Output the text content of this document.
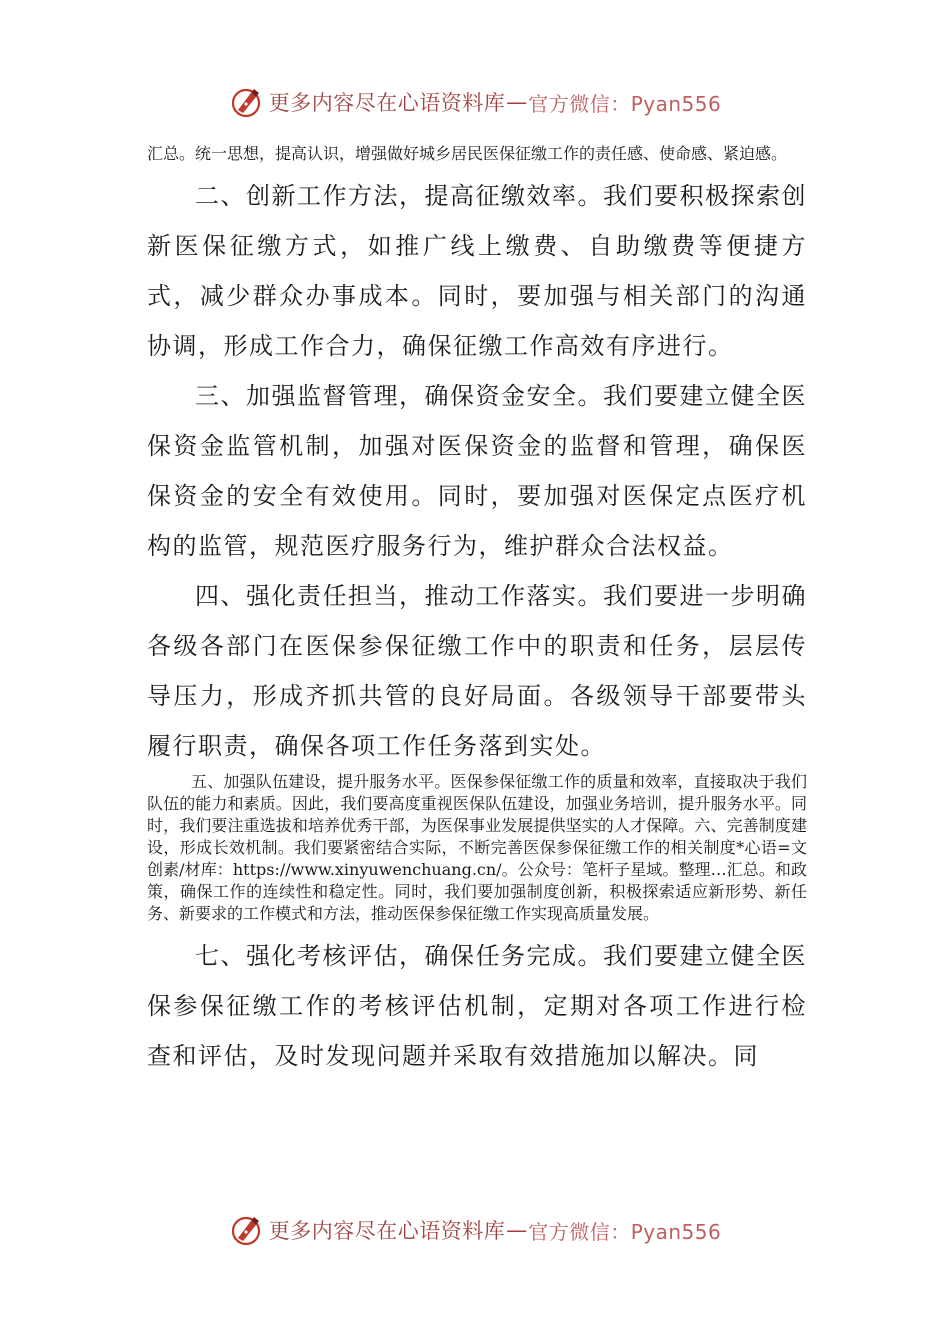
更多内容尽在心语资料库 — 官方微信：Pyan556

汇总。统一思想，提高认识，增强做好城乡居民医保征缴工作的责任感、使命感、紧迫感。

二、创新工作方法，提高征缴效率。我们要积极探索创新医保征缴方式，如推广线上缴费、自助缴费等便捷方式，减少群众办事成本。同时，要加强与相关部门的沟通协调，形成工作合力，确保征缴工作高效有序进行。

三、加强监督管理，确保资金安全。我们要建立健全医保资金监管机制，加强对医保资金的监督和管理，确保医保资金的安全有效使用。同时，要加强对医保定点医疗机构的监管，规范医疗服务行为，维护群众合法权益。

四、强化责任担当，推动工作落实。我们要进一步明确各级各部门在医保参保征缴工作中的职责和任务，层层传导压力，形成齐抓共管的良好局面。各级领导干部要带头履行职责，确保各项工作任务落到实处。

五、加强队伍建设，提升服务水平。医保参保征缴工作的质量和效率，直接取决于我们队伍的能力和素质。因此，我们要高度重视医保队伍建设，加强业务培训，提升服务水平。同时，我们要注重选拔和培养优秀干部，为医保事业发展提供坚实的人才保障。六、完善制度建设，形成长效机制。我们要紧密结合实际，不断完善医保参保征缴工作的相关制度*心语=文创素/材库：https://www.xinyuwenchuang.cn/。公众号：笔杆子星域。整理…汇总。和政策，确保工作的连续性和稳定性。同时，我们要加强制度创新，积极探索适应新形势、新任务、新要求的工作模式和方法，推动医保参保征缴工作实现高质量发展。

七、强化考核评估，确保任务完成。我们要建立健全医保参保征缴工作的考核评估机制，定期对各项工作进行检查和评估，及时发现问题并采取有效措施加以解决。同

更多内容尽在心语资料库 — 官方微信：Pyan556
